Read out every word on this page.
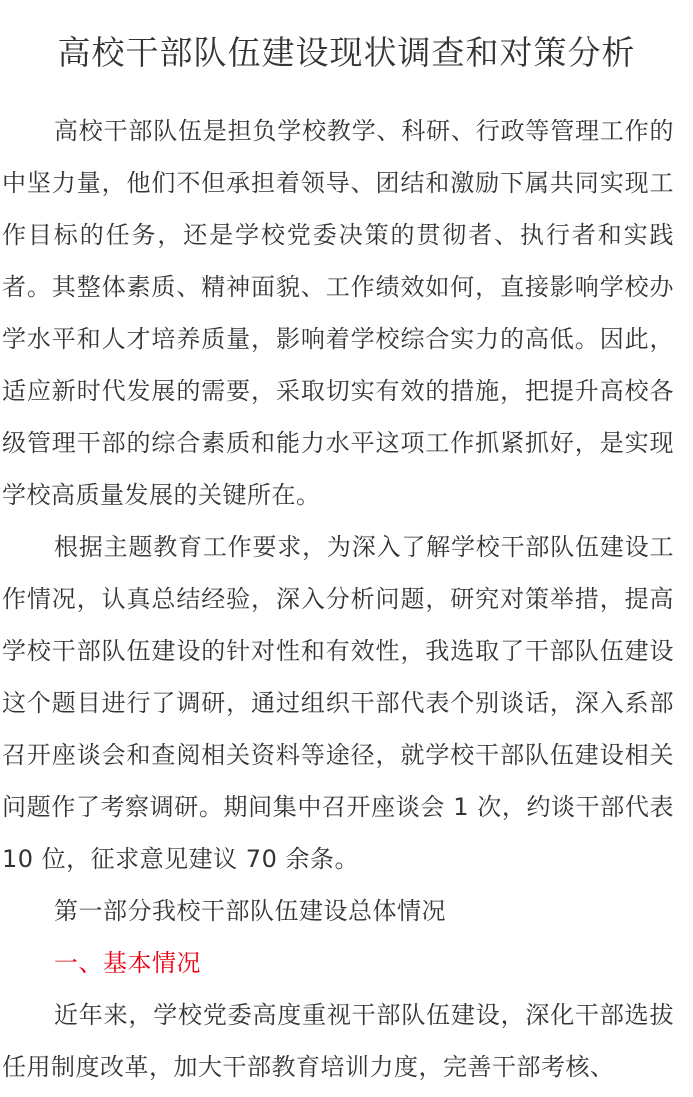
高校干部队伍建设现状调查和对策分析

高校干部队伍是担负学校教学、科研、行政等管理工作的中坚力量，他们不但承担着领导、团结和激励下属共同实现工作目标的任务，还是学校党委决策的贯彻者、执行者和实践者。其整体素质、精神面貌、工作绩效如何，直接影响学校办学水平和人才培养质量，影响着学校综合实力的高低。因此，适应新时代发展的需要，采取切实有效的措施，把提升高校各级管理干部的综合素质和能力水平这项工作抓紧抓好，是实现学校高质量发展的关键所在。

根据主题教育工作要求，为深入了解学校干部队伍建设工作情况，认真总结经验，深入分析问题，研究对策举措，提高学校干部队伍建设的针对性和有效性，我选取了干部队伍建设这个题目进行了调研，通过组织干部代表个别谈话，深入系部召开座谈会和查阅相关资料等途径，就学校干部队伍建设相关问题作了考察调研。期间集中召开座谈会 1 次，约谈干部代表 10 位，征求意见建议 70 余条。

第一部分我校干部队伍建设总体情况

一、基本情况

近年来，学校党委高度重视干部队伍建设，深化干部选拔任用制度改革，加大干部教育培训力度，完善干部考核、
